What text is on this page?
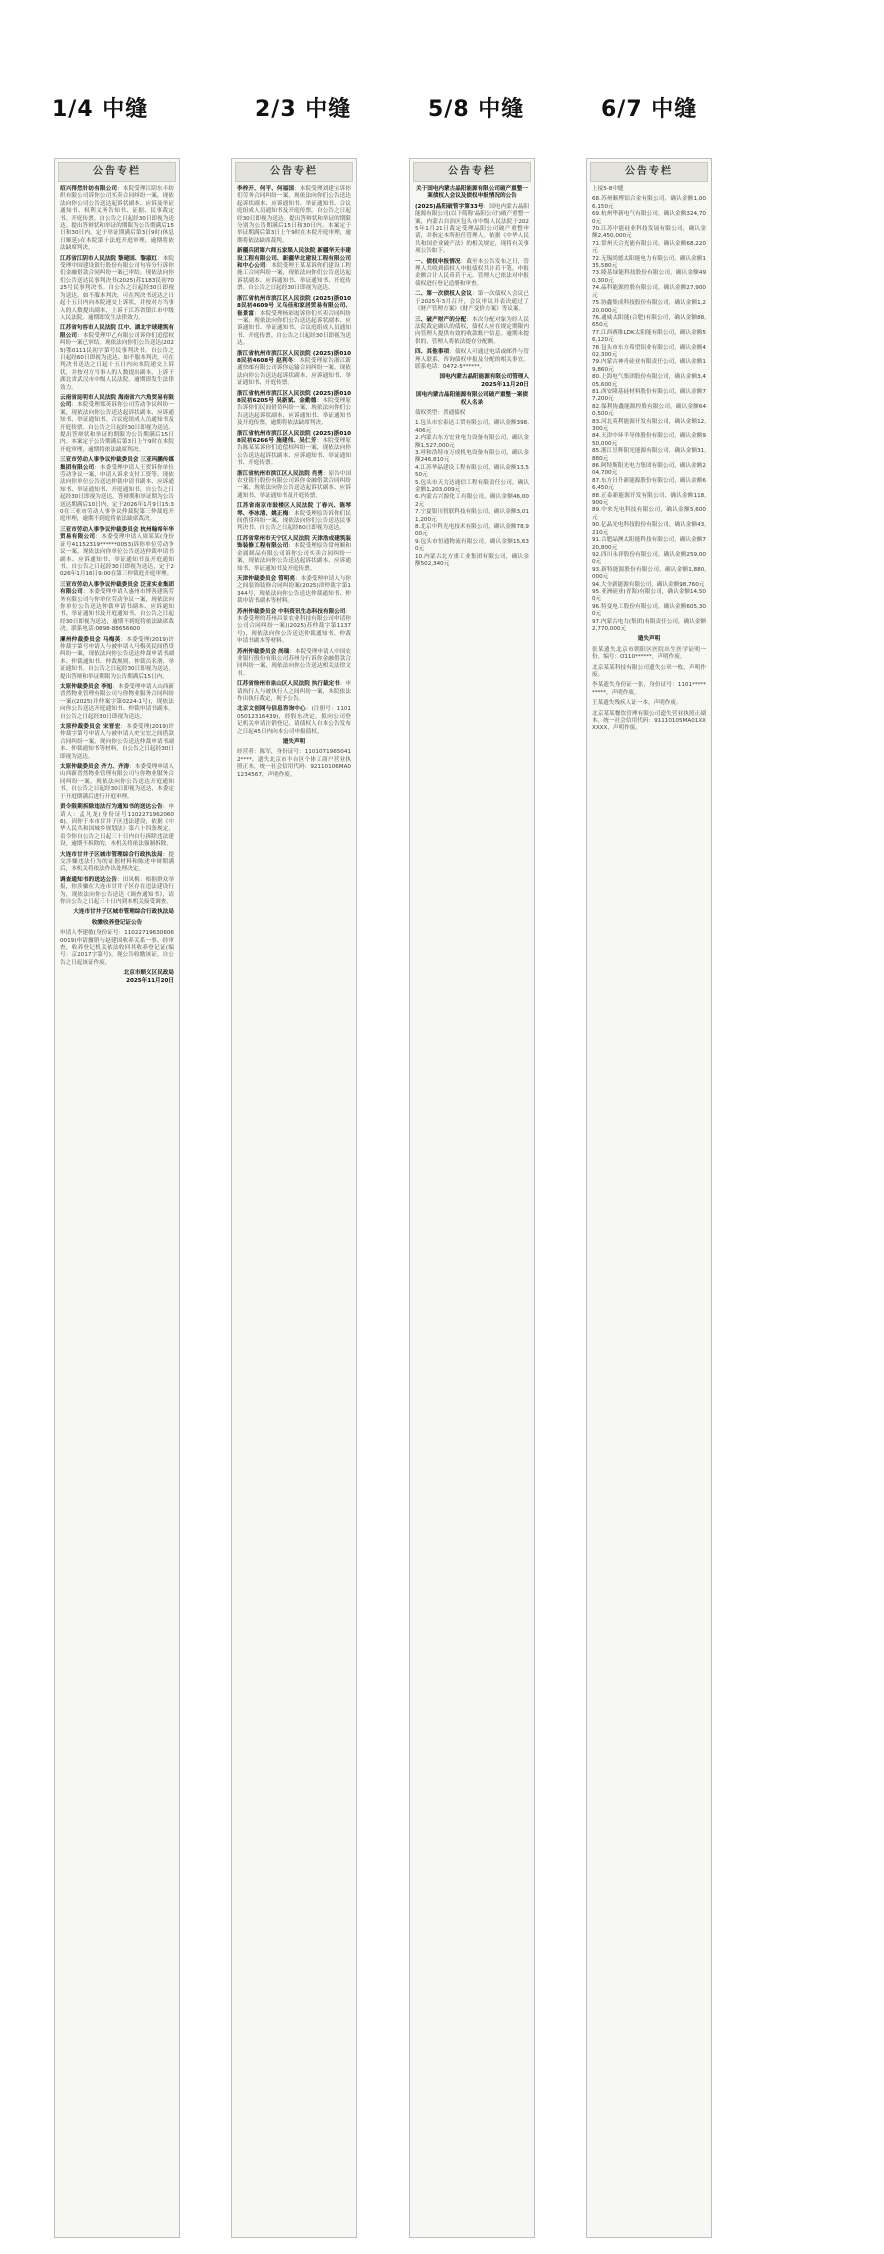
1/4 中缝	2/3 中缝	5/8 中缝	6/7 中缝
公告专栏
绍兴得然针纺有限公司：本院受理江阴东丰纺织有限公司诉你公司买卖合同纠纷一案，现依法向你公司公告送达起诉状副本、应诉及举证通知书、权利义务告知书、证据、民事裁定书、开庭传票。自公告之日起经30日即视为送达。提出答辩状和举证的期限为公告期满后15日和30日内。定于举证期满后第3日9时(休息日顺延)在本院第十法庭开庭审理，逾期将依法缺席判决。
江苏省江阴市人民法院 黎建国、黎淑红：本院受理中国建设银行股份有限公司句容分行诉你们金融借款合同纠纷一案已审结。现依法向你们公告送达民事判决书(2025)苏1183民初7025号民事判决书。自公告之日起经30日即视为送达。如不服本判决，可在判决书送达之日起十五日内向本院递交上诉状，并按对方当事人的人数提出副本，上诉于江苏省镇江市中级人民法院。逾期即发生法律效力。
江苏省句容市人民法院 江中、湖北宇球建筑有限公司：本院受理甲乙有限公司诉你们追偿权纠纷一案已审结。现依法向你们公告送达(2025)鄂0111民初字第号民事判决书。自公告之日起经60日即视为送达。如不服本判决，可在判决书送达之日起十五日内向本院递交上诉状，并按对方当事人的人数提出副本，上诉于湖北省武汉市中级人民法院。逾期即发生法律效力。
云南省昆明市人民法院 海南省六六角贸易有限公司：本院受理郑英诉你公司劳动争议纠纷一案，现依法向你公告送达起诉状副本、应诉通知书、举证通知书、合议庭组成人员通知书及开庭传票。自公告之日起经30日即视为送达。提出答辩状和举证的期限为公告期满后15日内。本案定于公告期满后第3日上午9时在本院开庭审理，逾期将依法缺席判决。
三亚市劳动人事争议仲裁委员会 三亚玛鹏传媒集团有限公司：本委受理申请人王贺诉你单位劳动争议一案，申请人诉求支付工资等。现依法向你单位公告送达仲裁申请书副本、应诉通知书、举证通知书、开庭通知书。自公告之日起经30日即视为送达，答辩期和举证期为公告送达期满后10日内，定于2026年1月9日15:30在三亚市劳动人事争议仲裁院第三仲裁庭开庭审理，逾期不到庭将依法缺席裁决。
三亚市劳动人事争议仲裁委员会 杭州翰希年华贸易有限公司：本委受理申请人周某某(身份证号41152319******0053)诉你单位劳动争议一案，现依法向你单位公告送达仲裁申请书副本、应诉通知书、举证通知书及开庭通知书。自公告之日起经30日即视为送达，定于2026年1月16日9:00在第三仲裁庭开庭审理。
三亚市劳动人事争议仲裁委员会 泛亚实业集团有限公司：本委受理申请人惠州市博善建筑劳务有限公司与你单位劳动争议一案，现依法向你单位公告送达仲裁申请书副本、应诉通知书、举证通知书及开庭通知书。自公告之日起经30日即视为送达，逾期不到庭将依法缺席裁决。联系电话:0898-88656600
漯州仲裁委员会 马梅英：本委受理(2019)许仲裁字第号申请人与被申请人马梅英民间借贷纠纷一案，现依法向你公告送达仲裁申请书副本、仲裁通知书、仲裁规则、仲裁员名册、举证通知书。自公告之日起经30日即视为送达，提出答辩和举证期限为公告期满后15日内。
太原仲裁委员会 李旭：本委受理申请人山西新晋然物业管理有限公司与你物业服务合同纠纷一案((2025)并仲案字第0224-1号)，现依法向你公告送达开庭通知书、仲裁申请书副本。自公告之日起经30日即视为送达。
太原仲裁委员会 宋晋宏：本委受理(2019)许仲裁字第号申请人与被申请人史宝宏之间借款合同纠纷一案，现向你公告送达仲裁申请书副本、仲裁通知书等材料，自公告之日起经30日即视为送达。
太原仲裁委员会 齐力、齐涛：本委受理申请人山西新晋然物业管理有限公司与你物业服务合同纠纷一案，现依法向你公告送达开庭通知书。自公告之日起经30日即视为送达，本委定于开庭期满后进行开庭审理。
责令限期拆除违法行为通知书的送达公告：申请人：孟凡龙(身份证号11022719620606)，因你于本市甘井子区违法建设，依据《中华人民共和国城乡规划法》第六十四条规定，责令你自公告之日起三十日内自行拆除违法建设。逾期不拆除的，本机关将依法强制拆除。
大连市甘井子区城市管理综合行政执法局：提交涉嫌违法行为的证据材料和陈述申辩期满后，本机关将依法作出处理决定。
调查通知书的送达公告：田凤梅：根据群众举报，你涉嫌在大连市甘井子区存在违法建设行为，现依法向你公告送达《调查通知书》，请你自公告之日起三十日内到本机关接受调查。
大连市甘井子区城市管理综合行政执法局
收缴收养登记证公告
申请人李建敏(身份证号：110227196306060019)申请撤销与赵建国收养关系一事，经审查，收养登记机关依法收回其收养登记证(编号：京2017字第号)，现公告收缴该证，自公告之日起该证作废。
北京市顺义区民政局
2025年11月20日
公告专栏
李梓开、何平、何福国：本院受理刘建宝诉你们劳务合同纠纷一案，现依法向你们公告送达起诉状副本、应诉通知书、举证通知书、合议庭组成人员通知书及开庭传票。自公告之日起经30日即视为送达。提出答辩状和举证的期限分别为公告期满后15日和30日内。本案定于举证期满后第3日上午9时在本院开庭审理，逾期将依法缺席裁判。
新疆兵团第六师五家渠人民法院 新疆华天丰建设工程有限公司、新疆华北建设工程有限公司和中心公司：本院受理王某某诉你们建设工程施工合同纠纷一案，现依法向你们公告送达起诉状副本、应诉通知书、举证通知书、开庭传票。自公告之日起经30日即视为送达。
浙江省杭州市滨江区人民法院 (2025)浙0108民初4609号 义乌佳和家居贸易有限公司、崔景富：本院受理杨彩霞诉你们买卖合同纠纷一案，现依法向你们公告送达起诉状副本、应诉通知书、举证通知书、合议庭组成人员通知书、开庭传票。自公告之日起经30日即视为送达。
浙江省杭州市滨江区人民法院 (2025)浙0108民初4608号 赵利冬：本院受理原告浙江新通快邮有限公司诉你运输合同纠纷一案，现依法向你公告送达起诉状副本、应诉通知书、举证通知书、开庭传票。
浙江省杭州市滨江区人民法院 (2025)浙0108民初6205号 吴新斌、金勤德：本院受理原告诉你们民间借贷纠纷一案，现依法向你们公告送达起诉状副本、应诉通知书、举证通知书及开庭传票，逾期将依法缺席判决。
浙江省杭州市滨江区人民法院 (2025)浙0108民初6266号 施建伟、吴仁芳：本院受理原告陈某某诉你们追偿权纠纷一案，现依法向你公告送达起诉状副本、应诉通知书、举证通知书、开庭传票。
浙江省杭州市滨江区人民法院 肖勇：原告中国农业银行股份有限公司诉你金融借款合同纠纷一案，现依法向你公告送达起诉状副本、应诉通知书、举证通知书及开庭传票。
江苏省南京市鼓楼区人民法院 丁春兴、陈琴琴、李冰清、姚正梅：本院受理原告诉你们民间借贷纠纷一案，现依法向你们公告送达民事判决书。自公告之日起经60日即视为送达。
江苏省常州市天宁区人民法院 天津浩成建筑装饰装修工程有限公司：本院受理原告常州顺和金属制品有限公司诉你公司买卖合同纠纷一案，现依法向你公告送达起诉状副本、应诉通知书、举证通知书及开庭传票。
天津仲裁委员会 管明亮：本委受理申请人与你之间装饰装修合同纠纷案(2025)津仲裁字第1344号，现依法向你公告送达仲裁通知书、仲裁申请书副本等材料。
苏州仲裁委员会 中科资讯生态科技有限公司：本委受理的苏州昌景农业科技有限公司申请你公司合同纠纷一案((2025)苏仲裁字第1137号)，现依法向你公告送达仲裁通知书、仲裁申请书副本等材料。
苏州仲裁委员会 尚瑞：本院受理申请人中国农业银行股份有限公司苏州分行诉你金融借款合同纠纷一案，现依法向你公告送达相关法律文书。
江苏省徐州市泉山区人民法院 执行裁定书：申请执行人与被执行人之间纠纷一案，本院依法作出执行裁定，现予公告。
北京文创网与信息咨询中心：(注册号：110105012316439)，经股东决定，拟向公司登记机关申请注销登记，请债权人自本公告发布之日起45日内向本公司申报债权。
遗失声明
经营者：陈军，身份证号：11010719650412****，遗失北京市丰台区个体工商户营业执照正本，统一社会信用代码：92110106MA01234567，声明作废。
公告专栏
关于国电内蒙古晶阳能源有限公司破产重整一案债权人会议及债权申报情况的公告
(2025)晶阳破管字第33号：国电内蒙古晶阳能源有限公司(以下简称'晶阳公司')破产重整一案，内蒙古自治区包头市中级人民法院于2025年1月21日裁定受理晶阳公司破产重整申请，并指定本所担任管理人。依据《中华人民共和国企业破产法》的相关规定，现将有关事项公告如下。
一、债权申报情况：截至本公告发布之日，管理人共收到债权人申报债权共计若干笔，申报金额合计人民币若干元。管理人已依法对申报债权进行登记造册和审查。
二、第一次债权人会议：第一次债权人会议已于2025年3月召开，会议审议并表决通过了《财产管理方案》《财产变价方案》等议案。
三、破产财产的分配：本次分配对象为经人民法院裁定确认的债权，债权人应在规定期限内向管理人提供有效的收款账户信息。逾期未提供的，管理人将依法提存分配额。
四、其他事项：债权人可通过电话或邮件与管理人联系，咨询债权申报及分配的相关事宜。联系电话：0472-5******。
国电内蒙古晶阳能源有限公司管理人
2025年11月20日
国电内蒙古晶阳能源有限公司破产重整一案债权人名录
债权类型：普通债权
1.包头市宏泰达工贸有限公司，确认金额398,406元
2.内蒙古东方宏业电力设备有限公司，确认金额1,527,000元
3.呼和浩特市万成机电设备有限公司，确认金额246,810元
4.江苏华晶建设工程有限公司，确认金额13,550元
5.包头市天力达通信工程有限责任公司，确认金额1,203,009元
6.内蒙古兴源化工有限公司，确认金额46,002元
7.宁夏银川智联科技有限公司，确认金额3,011,200元
8.北京中科光电技术有限公司，确认金额78,900元
9.包头市恒通物流有限公司，确认金额15,630元
10.内蒙古北方重工业集团有限公司，确认金额502,340元
公告专栏
上接5-8中缝
68.苏州顺博铝合金有限公司，确认金额1,006,150元
69.杭州华新电气有限公司，确认金额324,700元
70.江苏中能硅业科技发展有限公司，确认金额2,450,000元
71.常州天合光能有限公司，确认金额68,220元
72.无锡尚德太阳能电力有限公司，确认金额135,580元
73.隆基绿能科技股份有限公司，确认金额490,300元
74.晶科能源控股有限公司，确认金额27,900元
75.协鑫集成科技股份有限公司，确认金额1,220,000元
76.通威太阳能(合肥)有限公司，确认金额88,650元
77.江西赛维LDK太阳能有限公司，确认金额56,120元
78.包头市东方希望铝业有限公司，确认金额402,300元
79.内蒙古神舟硅业有限责任公司，确认金额19,860元
80.上海电气集团股份有限公司，确认金额3,405,600元
81.西安隆基硅材料股份有限公司，确认金额77,200元
82.保利协鑫能源控股有限公司，确认金额640,500元
83.河北英利能源开发有限公司，确认金额12,300元
84.天津中环半导体股份有限公司，确认金额950,000元
85.浙江昱辉阳光能源有限公司，确认金额31,880元
86.阿特斯阳光电力集团有限公司，确认金额204,700元
87.东方日升新能源股份有限公司，确认金额66,450元
88.正泰新能源开发有限公司，确认金额118,900元
89.中来光电科技有限公司，确认金额5,600元
90.亿晶光电科技股份有限公司，确认金额43,210元
91.合肥晶澳太阳能科技有限公司，确认金额720,800元
92.四川永祥股份有限公司，确认金额259,000元
93.新特能源股份有限公司，确认金额1,880,000元
94.大全新能源有限公司，确认金额98,760元
95.亚洲硅业(青海)有限公司，确认金额14,500元
96.特变电工股份有限公司，确认金额605,300元
97.内蒙古电力(集团)有限责任公司，确认金额2,770,000元
遗失声明
张某遗失北京市朝阳区医院出生医学证明一份，编号：O110******，声明作废。
北京某某科技有限公司遗失公章一枚，声明作废。
李某遗失身份证一张，身份证号：1101**********，声明作废。
王某遗失残疾人证一本，声明作废。
北京某某餐饮管理有限公司遗失营业执照正副本，统一社会信用代码：91110105MA01XXXXXX，声明作废。
